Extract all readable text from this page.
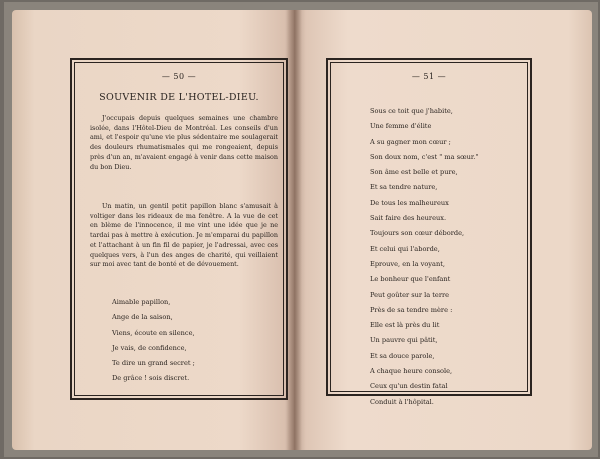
— 50 —
SOUVENIR DE L'HOTEL-DIEU.

J'occupais depuis quelques semaines une chambre isolée, dans l'Hôtel-Dieu de Montréal. Les conseils d'un ami, et l'espoir qu'une vie plus sédentaire me soulagerait des douleurs rhumatismales qui me rongeaient, depuis près d'un an, m'avaient engagé à venir dans cette maison du bon Dieu.

Un matin, un gentil petit papillon blanc s'amusait à voltiger dans les rideaux de ma fenêtre. A la vue de cet en blème de l'innocence, il me vint une idée que je ne tardai pas à mettre à exécution. Je m'emparai du papillon et l'attachant à un fin fil de papier, je l'adressai, avec ces quelques vers, à l'un des anges de charité, qui veillaient sur moi avec tant de bonté et de dévouement.

Aimable papillon,
Ange de la saison,
Viens, écoute en silence,
Je vais, de confidence,
Te dire un grand secret ;
De grâce ! sois discret.
— 51 —
Sous ce toit que j'habite,
Une femme d'élite
A su gagner mon cœur ;
Son doux nom, c'est " ma sœur."
Son âme est belle et pure,
Et sa tendre nature,
De tous les malheureux
Sait faire des heureux.
Toujours son cœur déborde,
Et celui qui l'aborde,
Eprouve, en la voyant,
Le bonheur que l'enfant
Peut goûter sur la terre
Près de sa tendre mère :
Elle est là près du lit
Un pauvre qui pâtit,
Et sa douce parole,
A chaque heure console,
Ceux qu'un destin fatal
Conduit à l'hôpital.
